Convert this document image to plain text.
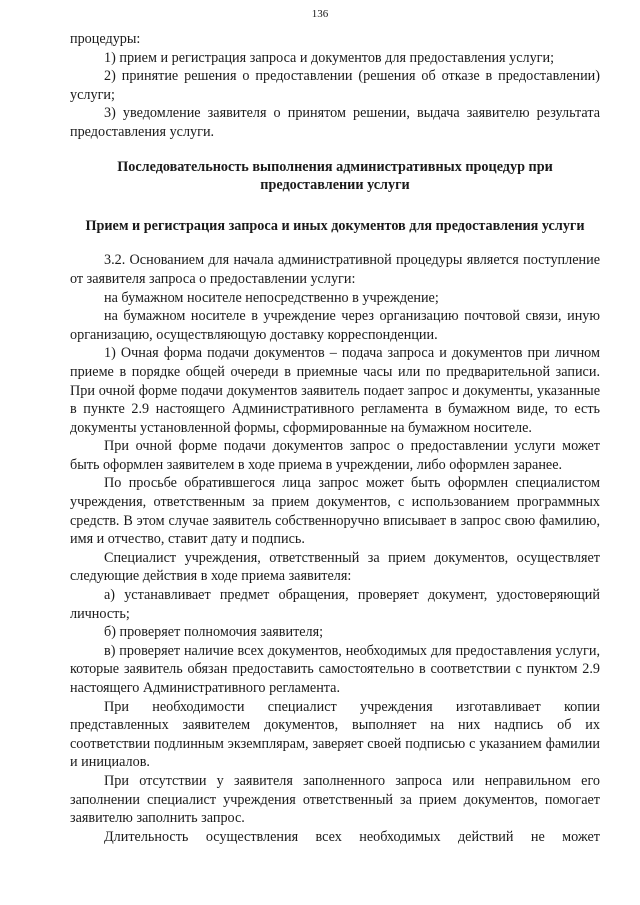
136

процедуры:

1) прием и регистрация запроса и документов для предоставления услуги;

2) принятие решения о предоставлении (решения об отказе в предоставлении) услуги;

3) уведомление заявителя о принятом решении, выдача заявителю результата предоставления услуги.

Последовательность выполнения административных процедур при предоставлении услуги

Прием и регистрация запроса и иных документов для предоставления услуги

3.2. Основанием для начала административной процедуры является поступление от заявителя запроса о предоставлении услуги:

на бумажном носителе непосредственно в учреждение;

на бумажном носителе в учреждение через организацию почтовой связи, иную организацию, осуществляющую доставку корреспонденции.

1) Очная форма подачи документов – подача запроса и документов при личном приеме в порядке общей очереди в приемные часы или по предварительной записи. При очной форме подачи документов заявитель подает запрос и документы, указанные в пункте 2.9 настоящего Административного регламента в бумажном виде, то есть документы установленной формы, сформированные на бумажном носителе.

При очной форме подачи документов запрос о предоставлении услуги может быть оформлен заявителем в ходе приема в учреждении, либо оформлен заранее.

По просьбе обратившегося лица запрос может быть оформлен специалистом учреждения, ответственным за прием документов, с использованием программных средств. В этом случае заявитель собственноручно вписывает в запрос свою фамилию, имя и отчество, ставит дату и подпись.

Специалист учреждения, ответственный за прием документов, осуществляет следующие действия в ходе приема заявителя:

а) устанавливает предмет обращения, проверяет документ, удостоверяющий личность;

б) проверяет полномочия заявителя;

в) проверяет наличие всех документов, необходимых для предоставления услуги, которые заявитель обязан предоставить самостоятельно в соответствии с пунктом 2.9 настоящего Административного регламента.

При необходимости специалист учреждения изготавливает копии представленных заявителем документов, выполняет на них надпись об их соответствии подлинным экземплярам, заверяет своей подписью с указанием фамилии и инициалов.

При отсутствии у заявителя заполненного запроса или неправильном его заполнении специалист учреждения ответственный за прием документов, помогает заявителю заполнить запрос.

Длительность осуществления всех необходимых действий не может
